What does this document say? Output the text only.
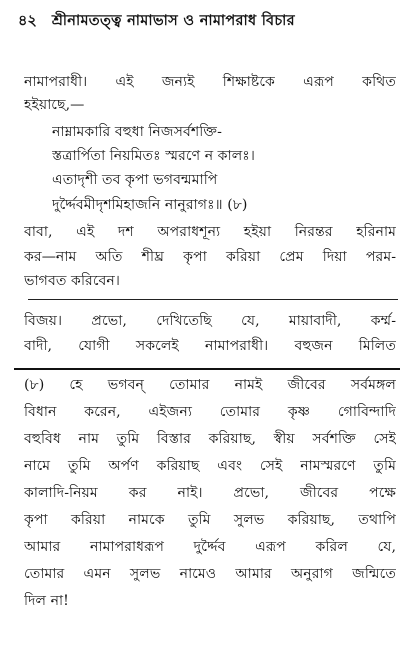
৪২ শ্রীনামতত্ত্ব নামাভাস ও নামাপরাধ বিচার
নামাপরাধী। এই জন্যই শিক্ষাষ্টকে এরূপ কথিত
হইয়াছে,—
নাম্নামকারি বহুধা নিজসর্বশক্তি-
স্তত্রার্পিতা নিয়মিতঃ স্মরণে ন কালঃ।
এতাদৃশী তব কৃপা ভগবন্মমাপি
দুর্দ্দৈবমীদৃশমিহাজনি নানুরাগঃ॥ (৮)
বাবা, এই দশ অপরাধশূন্য হইয়া নিরন্তর হরিনাম
কর—নাম অতি শীঘ্র কৃপা করিয়া প্রেম দিয়া পরম-
ভাগবত করিবেন।
বিজয়। প্রভো, দেখিতেছি যে, মায়াবাদী, কর্ম্ম-
বাদী, যোগী সকলেই নামাপরাধী। বহুজন মিলিত
(৮) হে ভগবন্ তোমার নামই জীবের সর্বমঙ্গল
বিধান করেন, এইজন্য তোমার কৃষ্ণ গোবিন্দাদি
বহুবিধ নাম তুমি বিস্তার করিয়াছ, স্বীয় সর্বশক্তি সেই
নামে তুমি অর্পণ করিয়াছ এবং সেই নামস্মরণে তুমি
কালাদি-নিয়ম কর নাই। প্রভো, জীবের পক্ষে
কৃপা করিয়া নামকে তুমি সুলভ করিয়াছ, তথাপি
আমার নামাপরাধরূপ দুর্দ্দৈব এরূপ করিল যে,
তোমার এমন সুলভ নামেও আমার অনুরাগ জন্মিতে
দিল না!
